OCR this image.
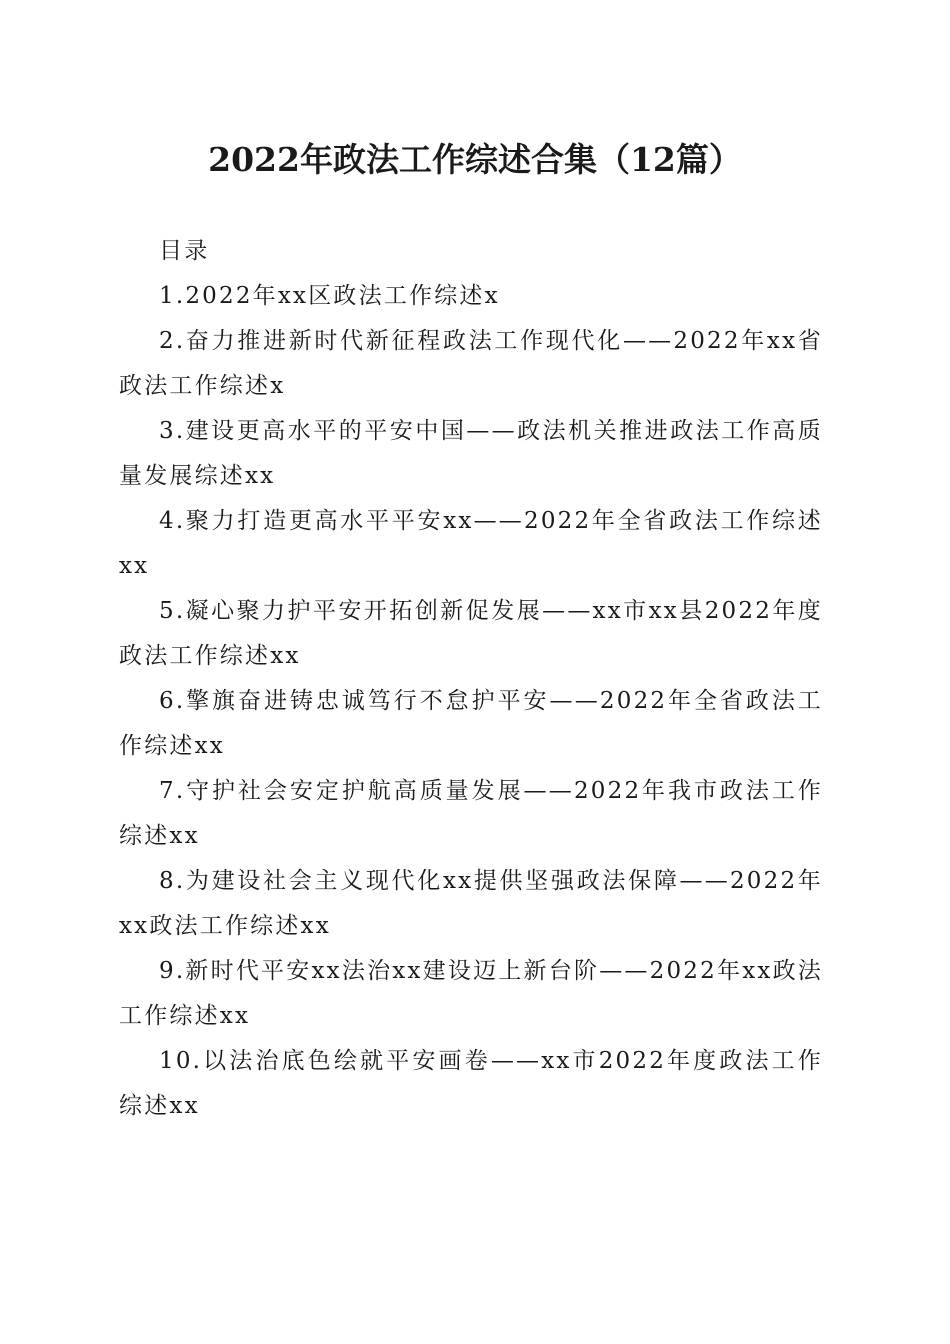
2022年政法工作综述合集（12篇）

目录

1.2022年xx区政法工作综述x

2.奋力推进新时代新征程政法工作现代化——2022年xx省政法工作综述x

3.建设更高水平的平安中国——政法机关推进政法工作高质量发展综述xx

4.聚力打造更高水平平安xx——2022年全省政法工作综述xx

5.凝心聚力护平安开拓创新促发展——xx市xx县2022年度政法工作综述xx

6.擎旗奋进铸忠诚笃行不怠护平安——2022年全省政法工作综述xx

7.守护社会安定护航高质量发展——2022年我市政法工作综述xx

8.为建设社会主义现代化xx提供坚强政法保障——2022年xx政法工作综述xx

9.新时代平安xx法治xx建设迈上新台阶——2022年xx政法工作综述xx

10.以法治底色绘就平安画卷——xx市2022年度政法工作综述xx
